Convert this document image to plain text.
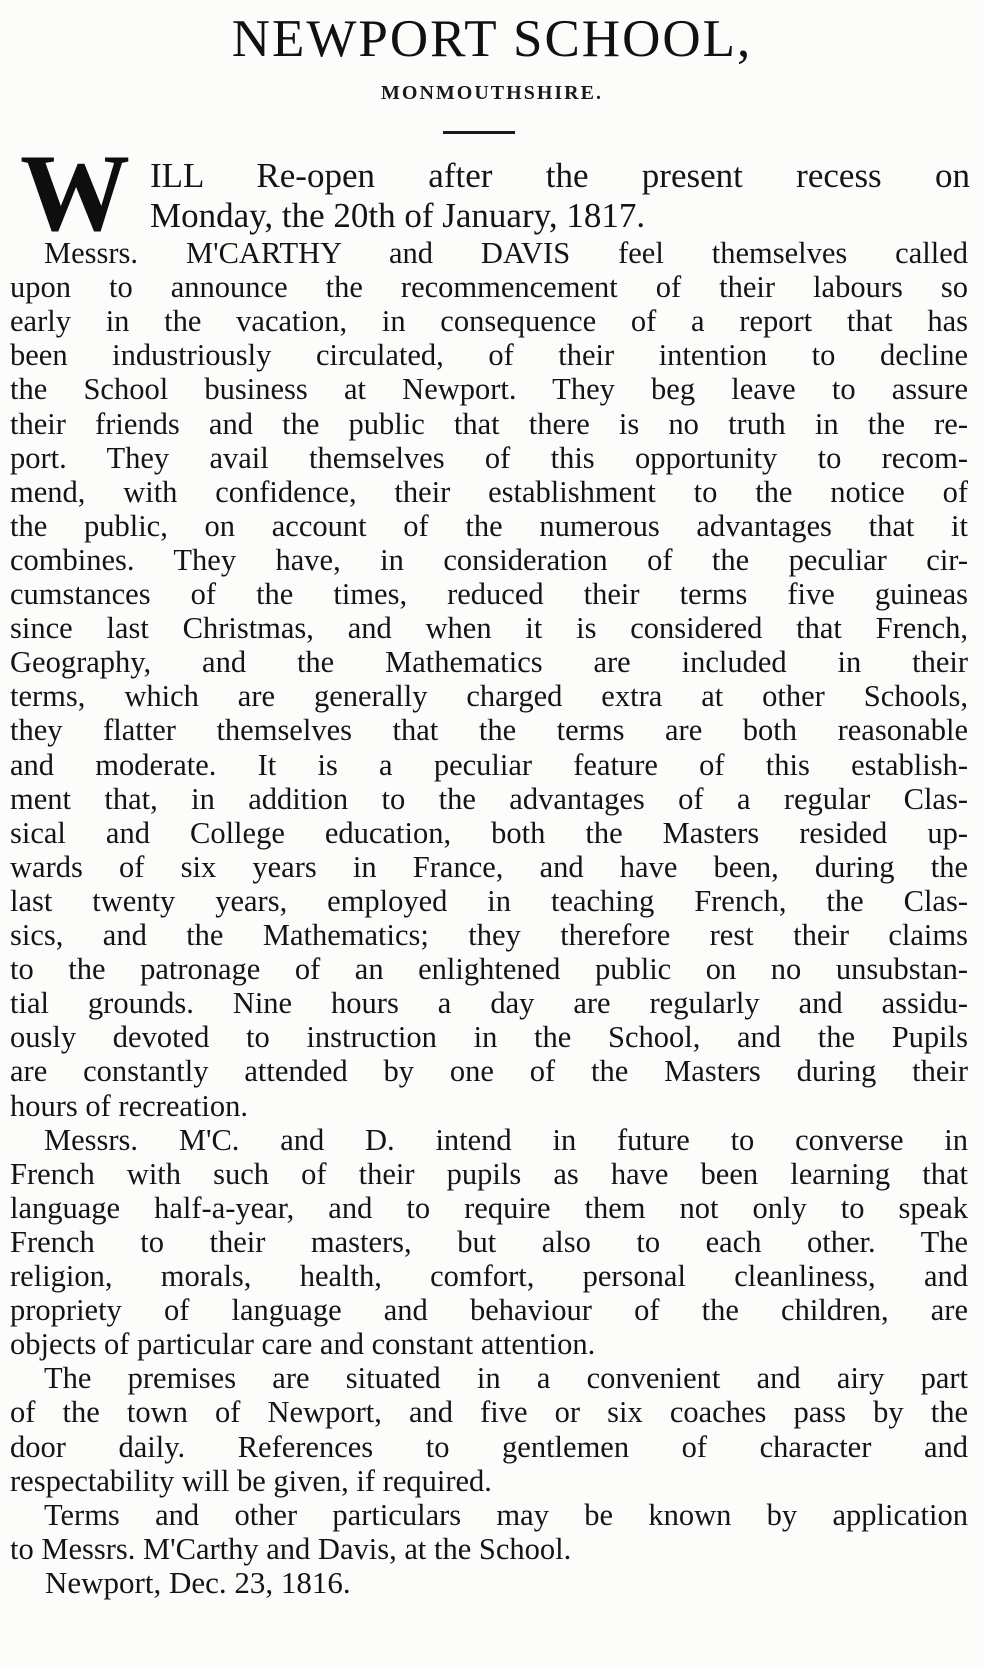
NEWPORT SCHOOL,
MONMOUTHSHIRE.
W ILL Re-open after the present recess on
Monday, the 20th of January, 1817.
Messrs. M'CARTHY and DAVIS feel themselves called
upon to announce the recommencement of their labours so
early in the vacation, in consequence of a report that has
been industriously circulated, of their intention to decline
the School business at Newport. They beg leave to assure
their friends and the public that there is no truth in the re-
port. They avail themselves of this opportunity to recom-
mend, with confidence, their establishment to the notice of
the public, on account of the numerous advantages that it
combines. They have, in consideration of the peculiar cir-
cumstances of the times, reduced their terms five guineas
since last Christmas, and when it is considered that French,
Geography, and the Mathematics are included in their
terms, which are generally charged extra at other Schools,
they flatter themselves that the terms are both reasonable
and moderate. It is a peculiar feature of this establish-
ment that, in addition to the advantages of a regular Clas-
sical and College education, both the Masters resided up-
wards of six years in France, and have been, during the
last twenty years, employed in teaching French, the Clas-
sics, and the Mathematics; they therefore rest their claims
to the patronage of an enlightened public on no unsubstan-
tial grounds. Nine hours a day are regularly and assidu-
ously devoted to instruction in the School, and the Pupils
are constantly attended by one of the Masters during their
hours of recreation.
Messrs. M'C. and D. intend in future to converse in
French with such of their pupils as have been learning that
language half-a-year, and to require them not only to speak
French to their masters, but also to each other. The
religion, morals, health, comfort, personal cleanliness, and
propriety of language and behaviour of the children, are
objects of particular care and constant attention.
The premises are situated in a convenient and airy part
of the town of Newport, and five or six coaches pass by the
door daily. References to gentlemen of character and
respectability will be given, if required.
Terms and other particulars may be known by application
to Messrs. M'Carthy and Davis, at the School.
Newport, Dec. 23, 1816.
